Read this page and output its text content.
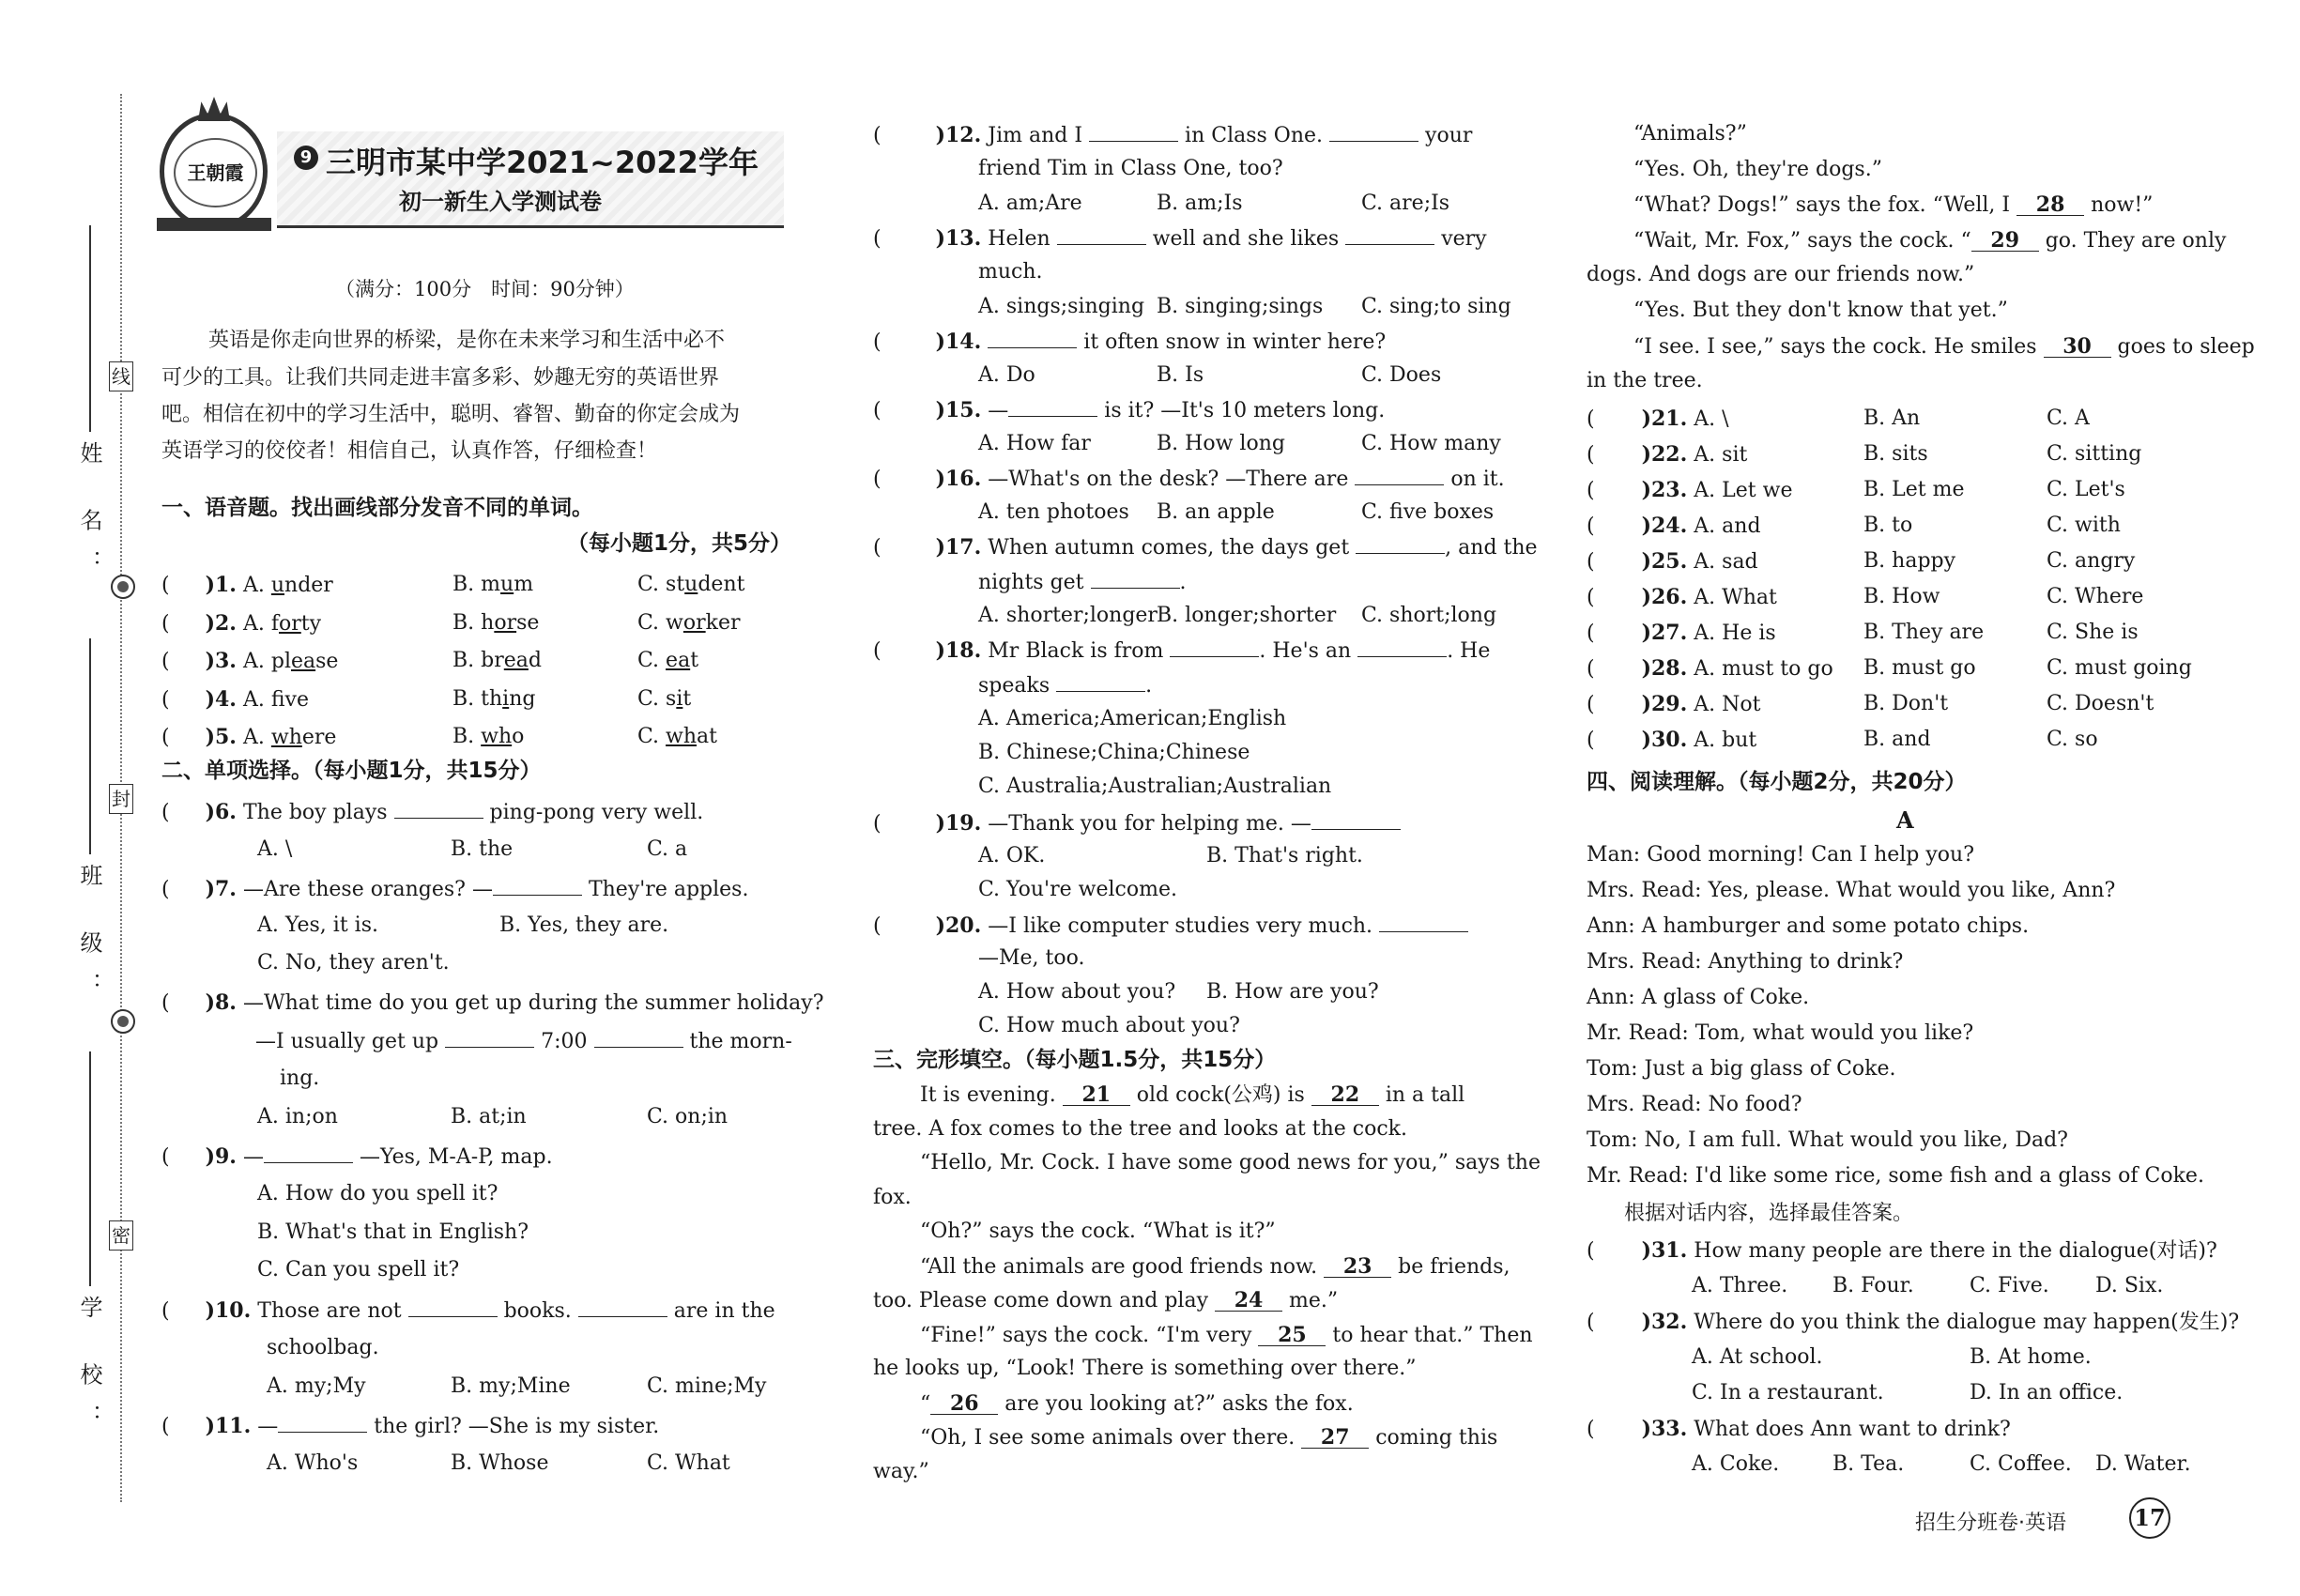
姓 名：
班 级：
学 校：
线
封
密
王朝霞
9 三明市某中学2021~2022学年
初一新生入学测试卷
（满分：100分　时间：90分钟）
英语是你走向世界的桥梁，是你在未来学习和生活中必不
可少的工具。让我们共同走进丰富多彩、妙趣无穷的英语世界
吧。相信在初中的学习生活中，聪明、睿智、勤奋的你定会成为
英语学习的佼佼者！相信自己，认真作答，仔细检查！
一、语音题。找出画线部分发音不同的单词。
（每小题1分，共5分）
( )1. A. under	B. mum	C. student
( )2. A. forty	B. horse	C. worker
( )3. A. please	B. bread	C. eat
( )4. A. fve	B. thing	C. sit
( )5. A. where	B. who	C. what
二、单项选择。（每小题1分，共15分）
( )6. The boy plays	ping-pong very well.
A. \	B. the	C. a
( )7. —Are these oranges? —	They're apples.
A. Yes, it is.	B. Yes, they are.
C. No, they aren't.
( )8. —What time do you get up during the summer holiday?
—I usually get up	7:00	the morn-
ing.
A. in;on	B. at;in	C. on;in
( )9. —	—Yes, M-A-P, map.
A. How do you spell it?
B. What's that in English?
C. Can you spell it?
( )10. Those are not	books.	are in the
schoolbag.
A. my;My	B. my;Mine	C. mine;My
( )11. —	the girl? —She is my sister.
A. Who's	B. Whose	C. What
(	)12. Jim and I	in Class One.	your
friend Tim in Class One, too?
A. am;Are	B. am;Is	C. are;Is
(	)13. Helen	well and she likes	very
much.
A. sings;singing B. singing;sings C. sing;to sing
(	)14.	it often snow in winter here?
A. Do	B. Is	C. Does
(	)15. —	is it? —It's 10 meters long.
A. How far	B. How long	C. How many
(	)16. —What's on the desk? —There are	on it.
A. ten photoes B. an apple	C. five boxes
(	)17. When autumn comes, the days get	, and the
nights get	.
A. shorter;longer B. longer;shorter C. short;long
(	)18. Mr Black is from	. He's an	. He
speaks	.
A. America;American;English
B. Chinese;China;Chinese
C. Australia;Australian;Australian
(	)19. —Thank you for helping me. —
A. OK.	B. That's right.
C. You're welcome.
(	)20. —I like computer studies very much.
—Me, too.
A. How about you? B. How are you?
C. How much about you?
三、完形填空。（每小题1.5分，共15分）
It is evening. 21 old cock(公鸡) is 22 in a tall
tree. A fox comes to the tree and looks at the cock.
“Hello, Mr. Cock. I have some good news for you,” says the
fox.
“Oh?” says the cock. “What is it?”
“All the animals are good friends now. 23 be friends,
too. Please come down and play 24 me.”
“Fine!” says the cock. “I'm very 25 to hear that.” Then
he looks up, “Look! There is something over there.”
“ 26 are you looking at?” asks the fox.
“Oh, I see some animals over there. 27 coming this
way.”
“Animals?”
“Yes. Oh, they're dogs.”
“What? Dogs!” says the fox. “Well, I 28 now!”
“Wait, Mr. Fox,” says the cock. “ 29 go. They are only
dogs. And dogs are our friends now.”
“Yes. But they don't know that yet.”
“I see. I see,” says the cock. He smiles 30 goes to sleep
in the tree.
( )21. A. \	B. An	C. A
( )22. A. sit	B. sits	C. sitting
( )23. A. Let we	B. Let me	C. Let's
( )24. A. and	B. to	C. with
( )25. A. sad	B. happy	C. angry
( )26. A. What	B. How	C. Where
( )27. A. He is	B. They are	C. She is
( )28. A. must to go B. must go	C. must going
( )29. A. Not	B. Don't	C. Doesn't
( )30. A. but	B. and	C. so
四、阅读理解。（每小题2分，共20分）
A
Man: Good morning! Can I help you?
Mrs. Read: Yes, please. What would you like, Ann?
Ann: A hamburger and some potato chips.
Mrs. Read: Anything to drink?
Ann: A glass of Coke.
Mr. Read: Tom, what would you like?
Tom: Just a big glass of Coke.
Mrs. Read: No food?
Tom: No, I am full. What would you like, Dad?
Mr. Read: I'd like some rice, some fish and a glass of Coke.
根据对话内容，选择最佳答案。
( )31. How many people are there in the dialogue(对话)?
A. Three. B. Four.	C. Five. D. Six.
( )32. Where do you think the dialogue may happen(发生)?
A. At school.	B. At home.
C. In a restaurant.	D. In an office.
( )33. What does Ann want to drink?
A. Coke.	B. Tea.	C. Coffee. D. Water.
招生分班卷·英语	17
